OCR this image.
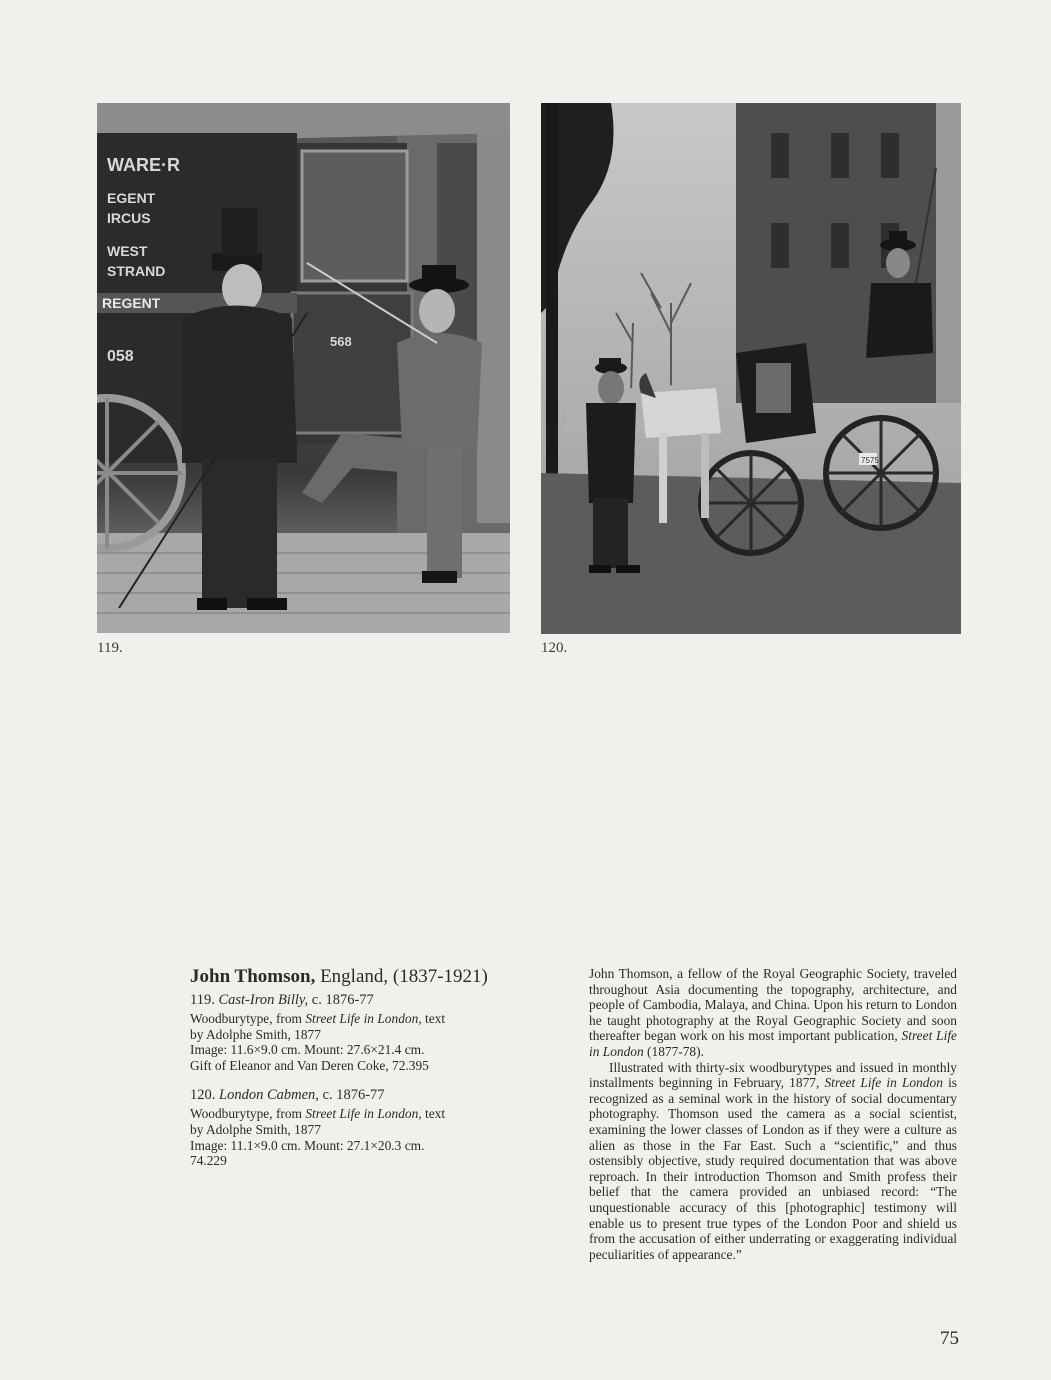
WARE·R
EGENT
IRCUS
WEST
STRAND
REGENT
058
568
119.
7575
120.
John Thomson, England, (1837-1921)
119. Cast-Iron Billy, c. 1876-77
Woodburytype, from Street Life in London, text
by Adolphe Smith, 1877
Image: 11.6×9.0 cm. Mount: 27.6×21.4 cm.
Gift of Eleanor and Van Deren Coke, 72.395
120. London Cabmen, c. 1876-77
Woodburytype, from Street Life in London, text
by Adolphe Smith, 1877
Image: 11.1×9.0 cm. Mount: 27.1×20.3 cm.
74.229

John Thomson, a fellow of the Royal Geographic Society, traveled throughout Asia documenting the topography, architecture, and people of Cambodia, Malaya, and China. Upon his return to London he taught photography at the Royal Geographic Society and soon thereafter began work on his most important publication, Street Life in London (1877-78).

Illustrated with thirty-six woodburytypes and issued in monthly installments beginning in February, 1877, Street Life in London is recognized as a seminal work in the history of social documentary photography. Thomson used the camera as a social scientist, examining the lower classes of London as if they were a culture as alien as those in the Far East. Such a “scientific,” and thus ostensibly objective, study required documentation that was above reproach. In their introduction Thomson and Smith profess their belief that the camera provided an unbiased record: “The unquestionable accuracy of this [photographic] testimony will enable us to present true types of the London Poor and shield us from the accusation of either underrating or exaggerating individual peculiarities of appearance.”

75
